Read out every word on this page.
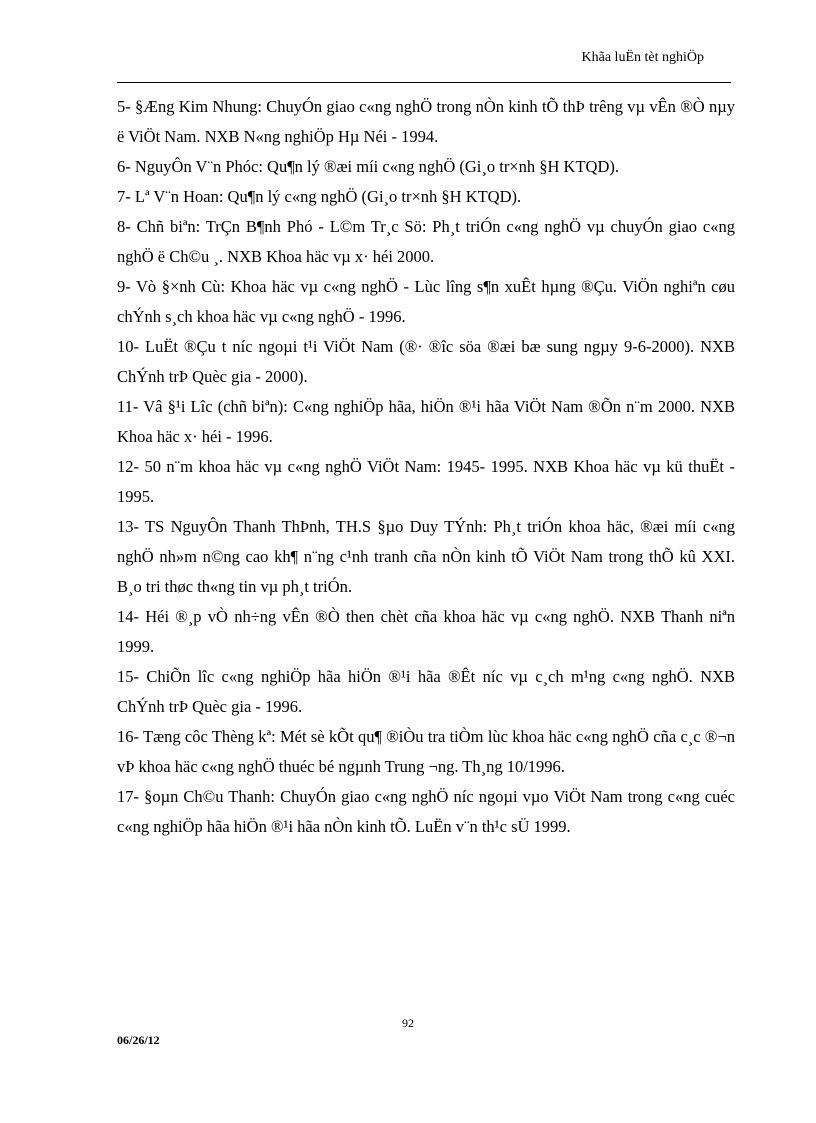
Khãa luËn tèt nghiÖp

5- §Æng Kim Nhung: ChuyÓn giao c«ng nghÖ trong nÒn kinh tÕ thÞ trêng vµ vÊn ®Ò nµy ë ViÖt Nam. NXB N«ng nghiÖp Hµ Néi - 1994.

6- NguyÔn V¨n Phóc: Qu¶n lý ®æi míi c«ng nghÖ (Gi¸o tr×nh §H KTQD).

7- Lª V¨n Hoan: Qu¶n lý c«ng nghÖ (Gi¸o tr×nh §H KTQD).

8- Chñ biªn: TrÇn B¶nh Phó - L©m Tr¸c Sö: Ph¸t triÓn c«ng nghÖ vµ chuyÓn giao c«ng nghÖ ë Ch©u ¸. NXB Khoa häc vµ x· héi 2000.

9- Vò §×nh Cù: Khoa häc vµ c«ng nghÖ - Lùc lîng s¶n xuÊt hµng ®Çu. ViÖn nghiªn cøu chÝnh s¸ch khoa häc vµ c«ng nghÖ - 1996.

10- LuËt ®Çu t níc ngoµi t¹i ViÖt Nam (®· ®îc söa ®æi bæ sung ngµy 9-6-2000). NXB ChÝnh trÞ Quèc gia - 2000).

11- Vâ §¹i Lîc (chñ biªn): C«ng nghiÖp hãa, hiÖn ®¹i hãa ViÖt Nam ®Õn n¨m 2000. NXB Khoa häc x· héi - 1996.

12- 50 n¨m khoa häc vµ c«ng nghÖ ViÖt Nam: 1945- 1995. NXB Khoa häc vµ kü thuËt - 1995.

13- TS NguyÔn Thanh ThÞnh, TH.S §µo Duy TÝnh: Ph¸t triÓn khoa häc, ®æi míi c«ng nghÖ nh»m n©ng cao kh¶ n¨ng c¹nh tranh cña nÒn kinh tÕ ViÖt Nam trong thÕ kû XXI. B¸o tri thøc th«ng tin vµ ph¸t triÓn.

14- Héi ®¸p vÒ nh÷ng vÊn ®Ò then chèt cña khoa häc vµ c«ng nghÖ. NXB Thanh niªn 1999.

15- ChiÕn lîc c«ng nghiÖp hãa hiÖn ®¹i hãa ®Êt níc vµ c¸ch m¹ng c«ng nghÖ. NXB ChÝnh trÞ Quèc gia - 1996.

16- Tæng côc Thèng kª: Mét sè kÕt qu¶ ®iÒu tra tiÒm lùc khoa häc c«ng nghÖ cña c¸c ®¬n vÞ khoa häc c«ng nghÖ thuéc bé ngµnh Trung ¬ng. Th¸ng 10/1996.

17- §oµn Ch©u Thanh: ChuyÓn giao c«ng nghÖ níc ngoµi vµo ViÖt Nam trong c«ng cuéc c«ng nghiÖp hãa hiÖn ®¹i hãa nÒn kinh tÕ. LuËn v¨n th¹c sÜ 1999.

92
06/26/12
